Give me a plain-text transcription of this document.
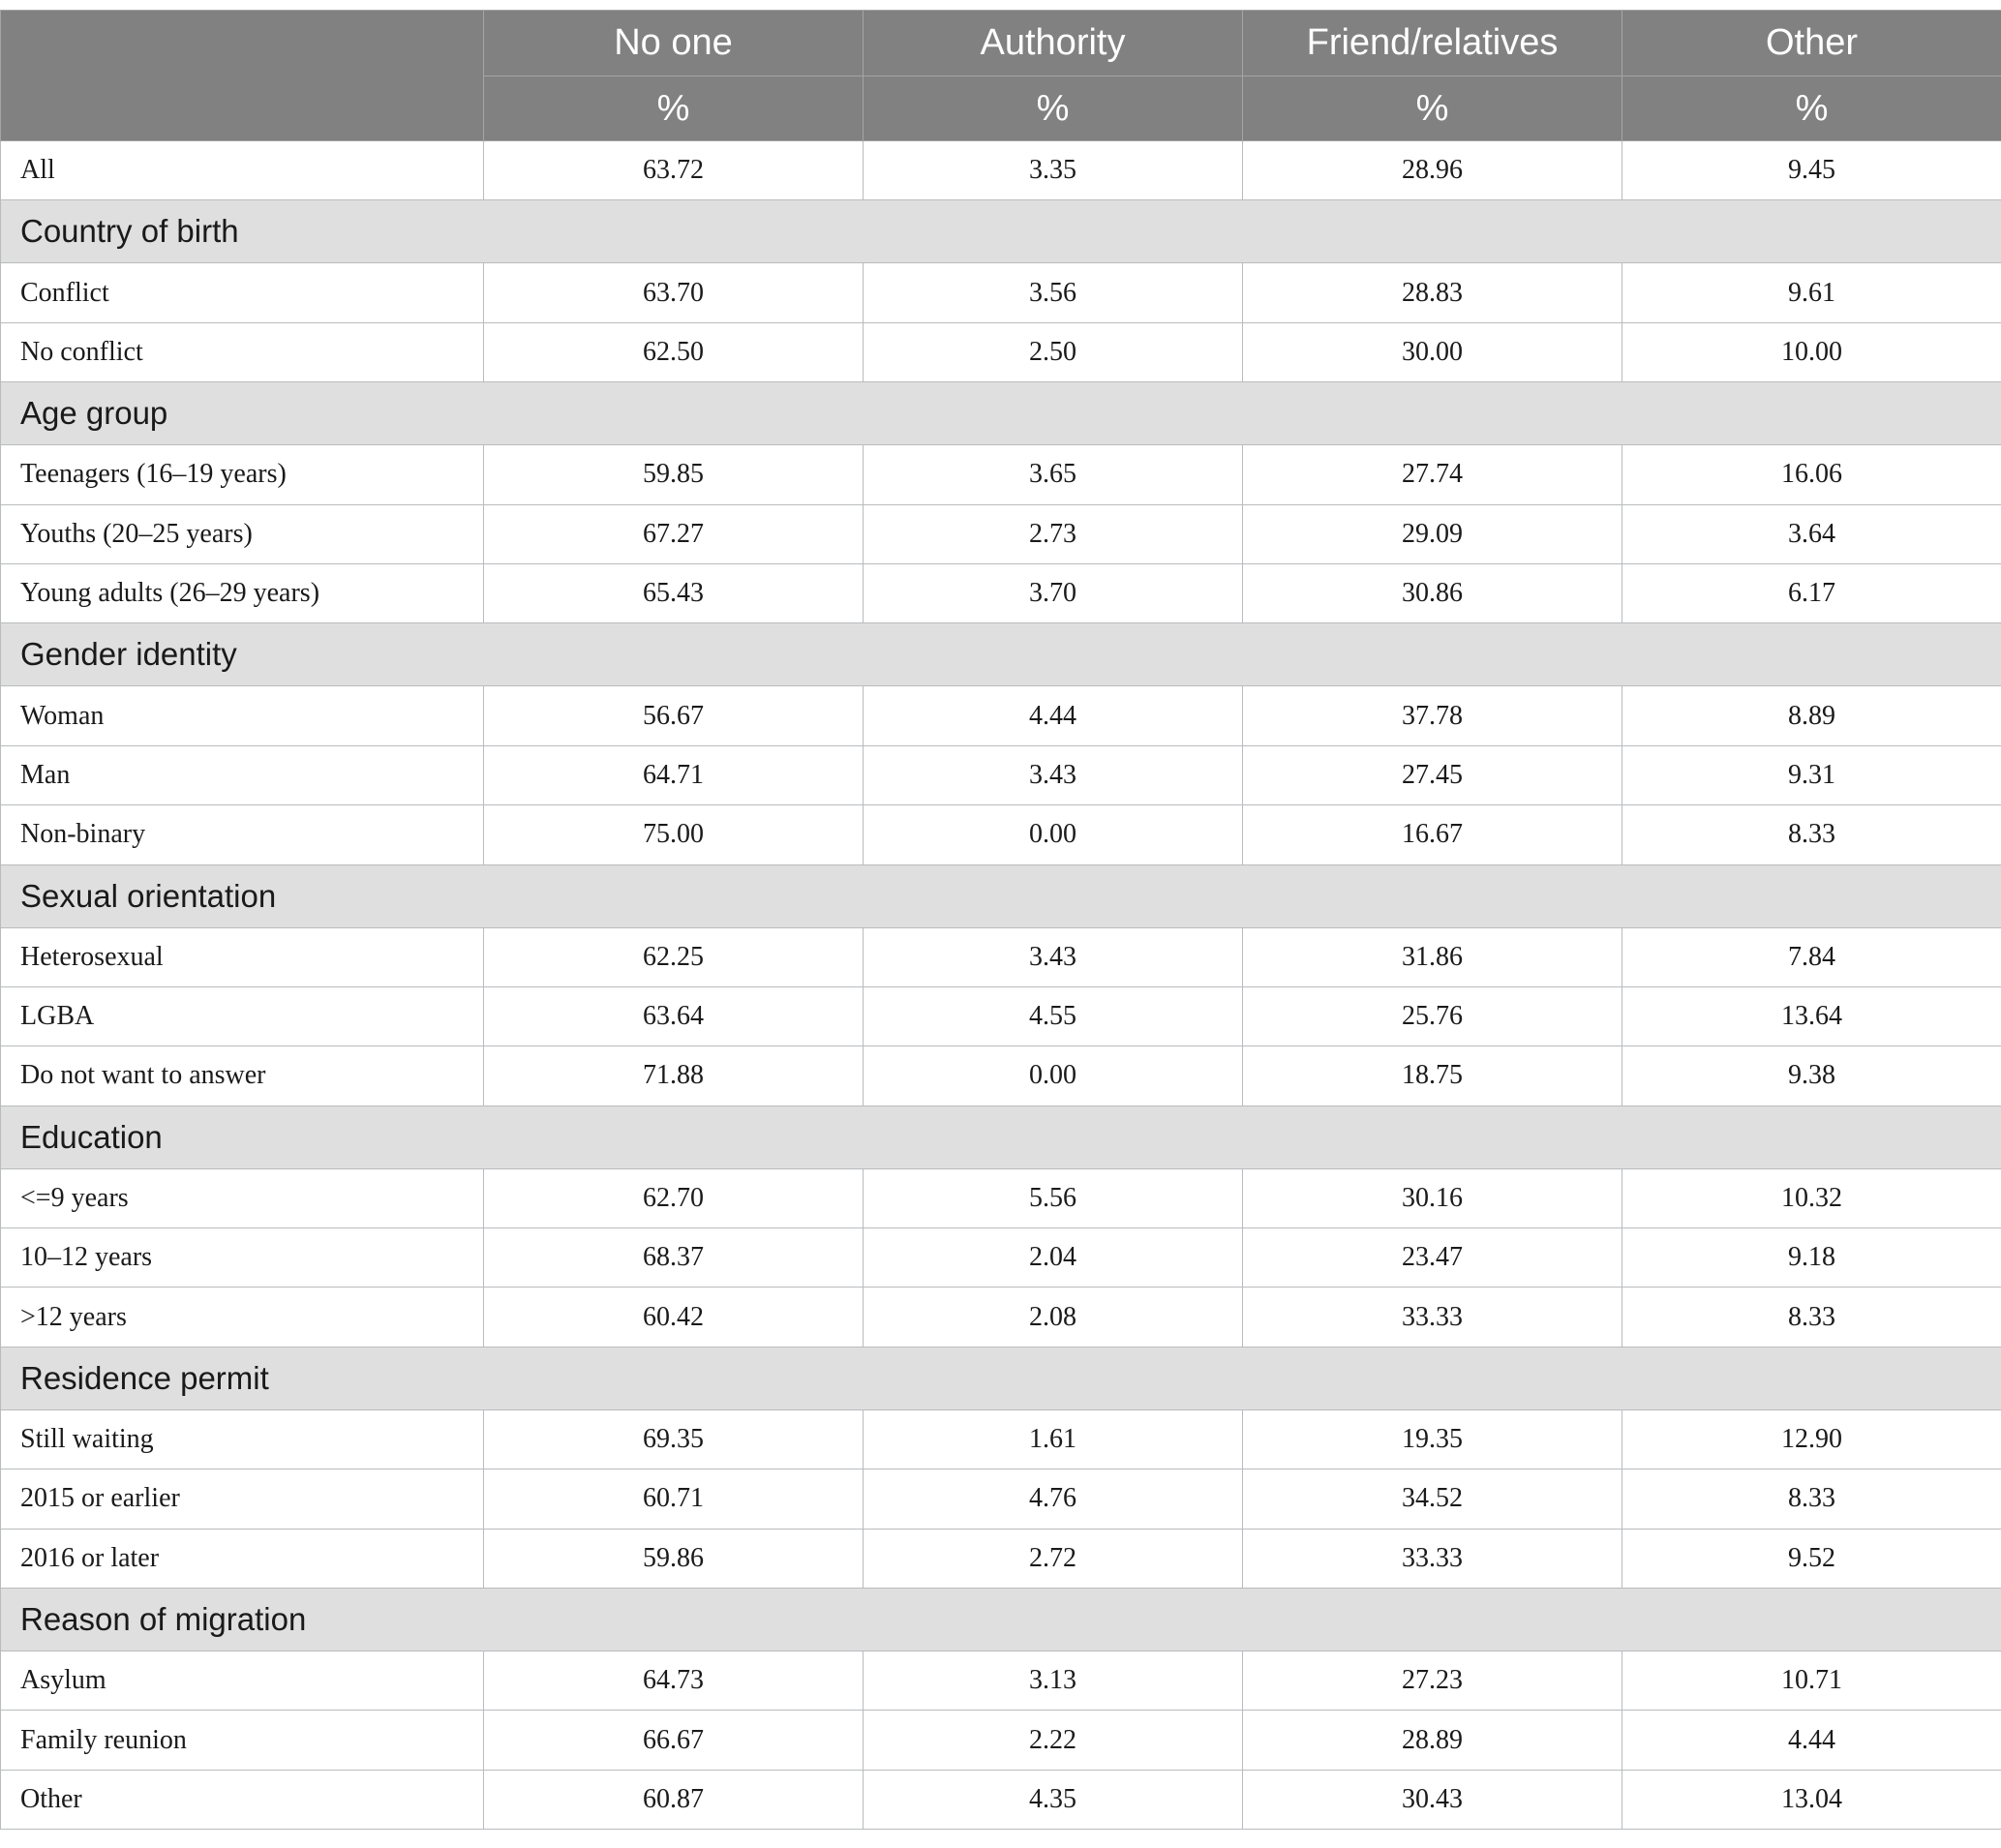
	No one	Authority	Friend/relatives	Other
	%	%	%	%
All	63.72	3.35	28.96	9.45
Country of birth				
Conflict	63.70	3.56	28.83	9.61
No conflict	62.50	2.50	30.00	10.00
Age group				
Teenagers (16–19 years)	59.85	3.65	27.74	16.06
Youths (20–25 years)	67.27	2.73	29.09	3.64
Young adults (26–29 years)	65.43	3.70	30.86	6.17
Gender identity				
Woman	56.67	4.44	37.78	8.89
Man	64.71	3.43	27.45	9.31
Non-binary	75.00	0.00	16.67	8.33
Sexual orientation				
Heterosexual	62.25	3.43	31.86	7.84
LGBA	63.64	4.55	25.76	13.64
Do not want to answer	71.88	0.00	18.75	9.38
Education				
<=9 years	62.70	5.56	30.16	10.32
10–12 years	68.37	2.04	23.47	9.18
>12 years	60.42	2.08	33.33	8.33
Residence permit				
Still waiting	69.35	1.61	19.35	12.90
2015 or earlier	60.71	4.76	34.52	8.33
2016 or later	59.86	2.72	33.33	9.52
Reason of migration				
Asylum	64.73	3.13	27.23	10.71
Family reunion	66.67	2.22	28.89	4.44
Other	60.87	4.35	30.43	13.04
